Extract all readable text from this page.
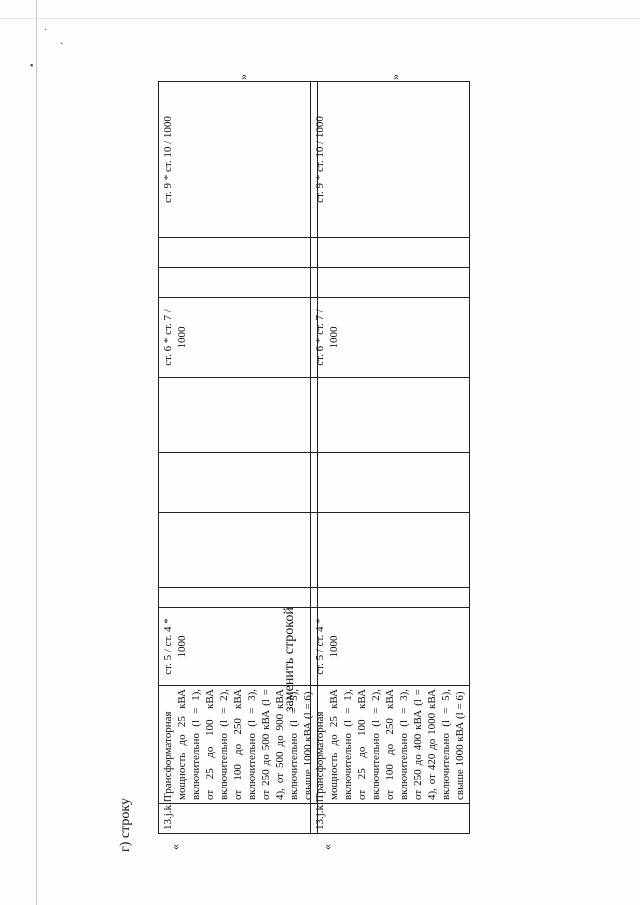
•
·
·
г) строку	«
13.j.k.l	Трансформаторная мощность до 25 кВА включительно (l = 1), от 25 до 100 кВА включительно (l = 2), от 100 до 250 кВА включительно (l = 3), от 250 до 500 кВА (l = 4), от 500 до 900 кВА включительно (l = 5), свыше 1000 кВА (l = 6)	ст. 5 / ст. 4 * 1000					ст. 6 * ст. 7 / 1000			ст. 9 * ст. 10 / 1000
»
заменить строкой
«
13.j.k.l	Трансформаторная мощность до 25 кВА включительно (l = 1), от 25 до 100 кВА включительно (l = 2), от 100 до 250 кВА включительно (l = 3), от 250 до 400 кВА (l = 4), от 420 до 1000 кВА включительно (l = 5), свыше 1000 кВА (l = 6)	ст. 5 / ст. 4 * 1000					ст. 6 * ст. 7 / 1000			ст. 9 * ст. 10 / 1000
»
